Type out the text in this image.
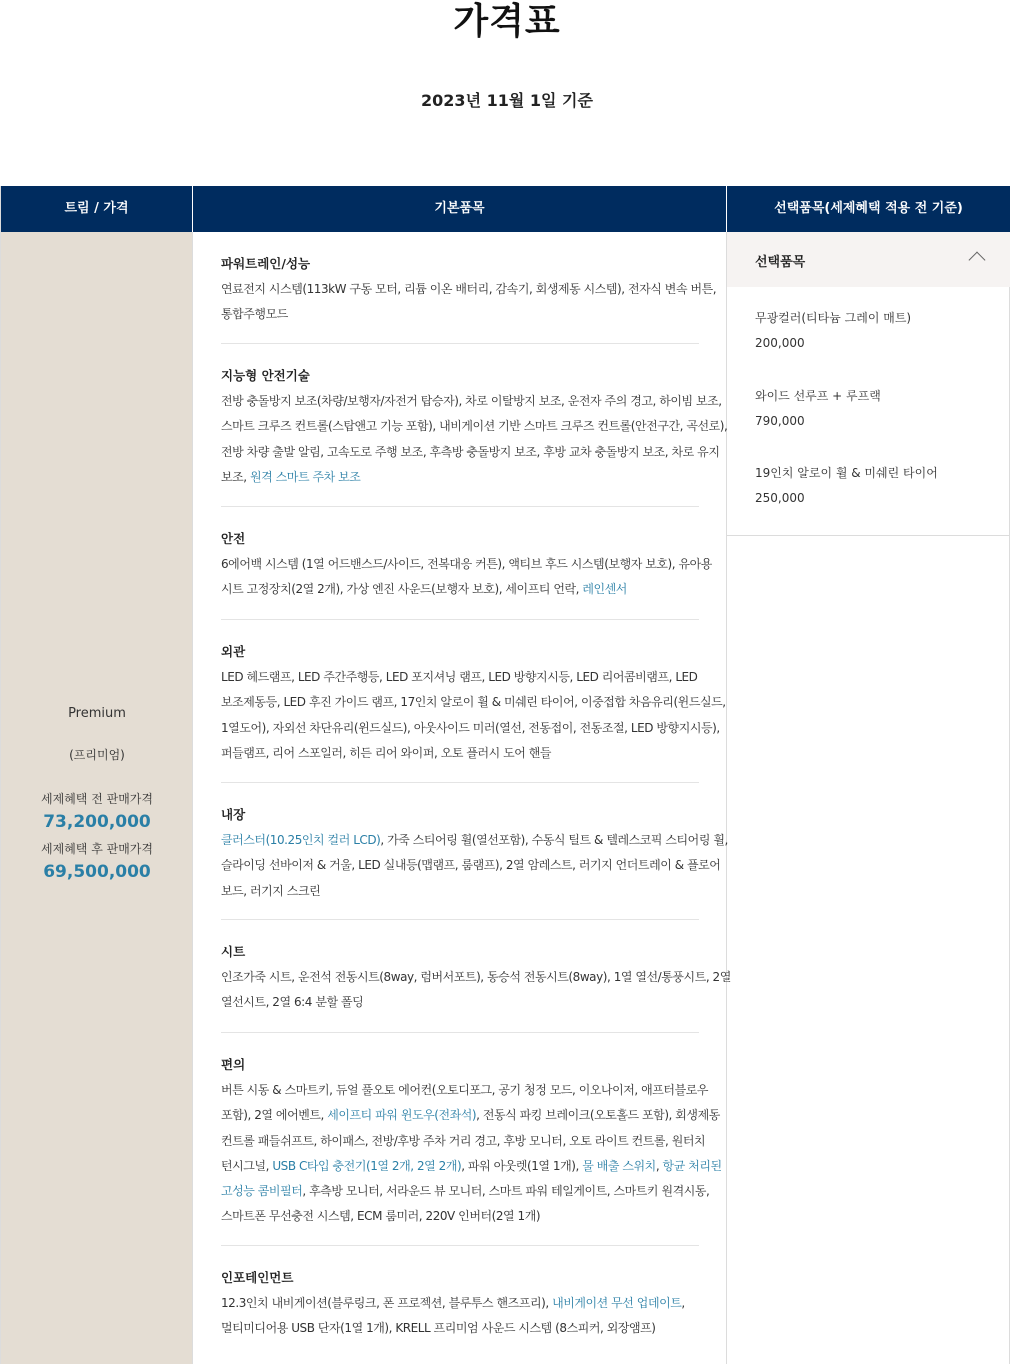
가격표
2023년 11월 1일 기준
트림 / 가격	기본품목	선택품목(세제혜택 적용 전 기준)
Premium
(프리미엄)
세제혜택 전 판매가격
73,200,000
세제혜택 후 판매가격
69,500,000
파워트레인/성능
연료전지 시스템(113kW 구동 모터, 리튬 이온 배터리, 감속기, 회생제동 시스템), 전자식 변속 버튼,
통합주행모드
지능형 안전기술
전방 충돌방지 보조(차량/보행자/자전거 탑승자), 차로 이탈방지 보조, 운전자 주의 경고, 하이빔 보조,
스마트 크루즈 컨트롤(스탑앤고 기능 포함), 내비게이션 기반 스마트 크루즈 컨트롤(안전구간, 곡선로),
전방 차량 출발 알림, 고속도로 주행 보조, 후측방 충돌방지 보조, 후방 교차 충돌방지 보조, 차로 유지
보조, 원격 스마트 주차 보조
안전
6에어백 시스템 (1열 어드밴스드/사이드, 전복대응 커튼), 액티브 후드 시스템(보행자 보호), 유아용
시트 고정장치(2열 2개), 가상 엔진 사운드(보행자 보호), 세이프티 언락, 레인센서
외관
LED 헤드램프, LED 주간주행등, LED 포지셔닝 램프, LED 방향지시등, LED 리어콤비램프, LED
보조제동등, LED 후진 가이드 램프, 17인치 알로이 휠 & 미쉐린 타이어, 이중접합 차음유리(윈드실드,
1열도어), 자외선 차단유리(윈드실드), 아웃사이드 미러(열선, 전동접이, 전동조절, LED 방향지시등),
퍼들램프, 리어 스포일러, 히든 리어 와이퍼, 오토 플러시 도어 핸들
내장
클러스터(10.25인치 컬러 LCD), 가죽 스티어링 휠(열선포함), 수동식 틸트 & 텔레스코픽 스티어링 휠,
슬라이딩 선바이저 & 거울, LED 실내등(맵램프, 룸램프), 2열 암레스트, 러기지 언더트레이 & 플로어
보드, 러기지 스크린
시트
인조가죽 시트, 운전석 전동시트(8way, 럼버서포트), 동승석 전동시트(8way), 1열 열선/통풍시트, 2열
열선시트, 2열 6:4 분할 폴딩
편의
버튼 시동 & 스마트키, 듀얼 풀오토 에어컨(오토디포그, 공기 청정 모드, 이오나이저, 애프터블로우
포함), 2열 에어벤트, 세이프티 파워 윈도우(전좌석), 전동식 파킹 브레이크(오토홀드 포함), 회생제동
컨트롤 패들쉬프트, 하이패스, 전방/후방 주차 거리 경고, 후방 모니터, 오토 라이트 컨트롤, 원터치
턴시그널, USB C타입 충전기(1열 2개, 2열 2개), 파워 아웃렛(1열 1개), 물 배출 스위치, 항균 처리된
고성능 콤비필터, 후측방 모니터, 서라운드 뷰 모니터, 스마트 파워 테일게이트, 스마트키 원격시동,
스마트폰 무선충전 시스템, ECM 룸미러, 220V 인버터(2열 1개)
인포테인먼트
12.3인치 내비게이션(블루링크, 폰 프로젝션, 블루투스 핸즈프리), 내비게이션 무선 업데이트,
멀티미디어용 USB 단자(1열 1개), KRELL 프리미엄 사운드 시스템 (8스피커, 외장앰프)
선택품목
무광컬러(티타늄 그레이 매트)
200,000
와이드 선루프 + 루프랙
790,000
19인치 알로이 휠 & 미쉐린 타이어
250,000
